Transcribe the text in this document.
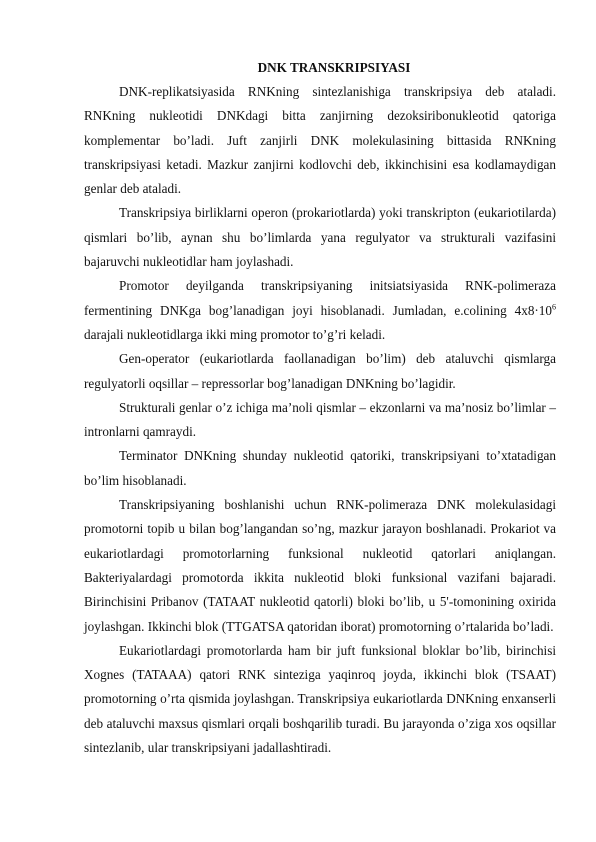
DNK TRANSKRIPSIYASI

DNK-replikatsiyasida RNKning sintezlanishiga transkripsiya deb ataladi. RNKning nukleotidi DNKdagi bitta zanjirning dezoksiribonukleotid qatoriga komplementar bo’ladi. Juft zanjirli DNK molekulasining bittasida RNKning transkripsiyasi ketadi. Mazkur zanjirni kodlovchi deb, ikkinchisini esa kodlamaydigan genlar deb ataladi.

Transkripsiya birliklarni operon (prokariotlarda) yoki transkripton (eukariotilarda) qismlari bo’lib, aynan shu bo’limlarda yana regulyator va strukturali vazifasini bajaruvchi nukleotidlar ham joylashadi.

Promotor deyilganda transkripsiyaning initsiatsiyasida RNK-polimeraza fermentining DNKga bog’lanadigan joyi hisoblanadi. Jumladan, e.colining $4x8\cdot 10^6$ darajali nukleotidlarga ikki ming promotor to’g’ri keladi.

Gen-operator (eukariotlarda faollanadigan bo’lim) deb ataluvchi qismlarga regulyatorli oqsillar – repressorlar bog’lanadigan DNKning bo’lagidir.

Strukturali genlar o’z ichiga ma’noli qismlar – ekzonlarni va ma’nosiz bo’limlar – intronlarni qamraydi.

Terminator DNKning shunday nukleotid qatoriki, transkripsiyani to’xtatadigan bo’lim hisoblanadi.

Transkripsiyaning boshlanishi uchun RNK-polimeraza DNK molekulasidagi promotorni topib u bilan bog’langandan so’ng, mazkur jarayon boshlanadi. Prokariot va eukariotlardagi promotorlarning funksional nukleotid qatorlari aniqlangan. Bakteriyalardagi promotorda ikkita nukleotid bloki funksional vazifani bajaradi. Birinchisini Pribanov (TATAAT nukleotid qatorli) bloki bo’lib, u 5'-tomonining oxirida joylashgan. Ikkinchi blok (TTGATSA qatoridan iborat) promotorning o’rtalarida bo’ladi.

Eukariotlardagi promotorlarda ham bir juft funksional bloklar bo’lib, birinchisi Xognes (TATAAA) qatori RNK sinteziga yaqinroq joyda, ikkinchi blok (TSAAT) promotorning o’rta qismida joylashgan. Transkripsiya eukariotlarda DNKning enxanserli deb ataluvchi maxsus qismlari orqali boshqarilib turadi. Bu jarayonda o’ziga xos oqsillar sintezlanib, ular transkripsiyani jadallashtiradi.
